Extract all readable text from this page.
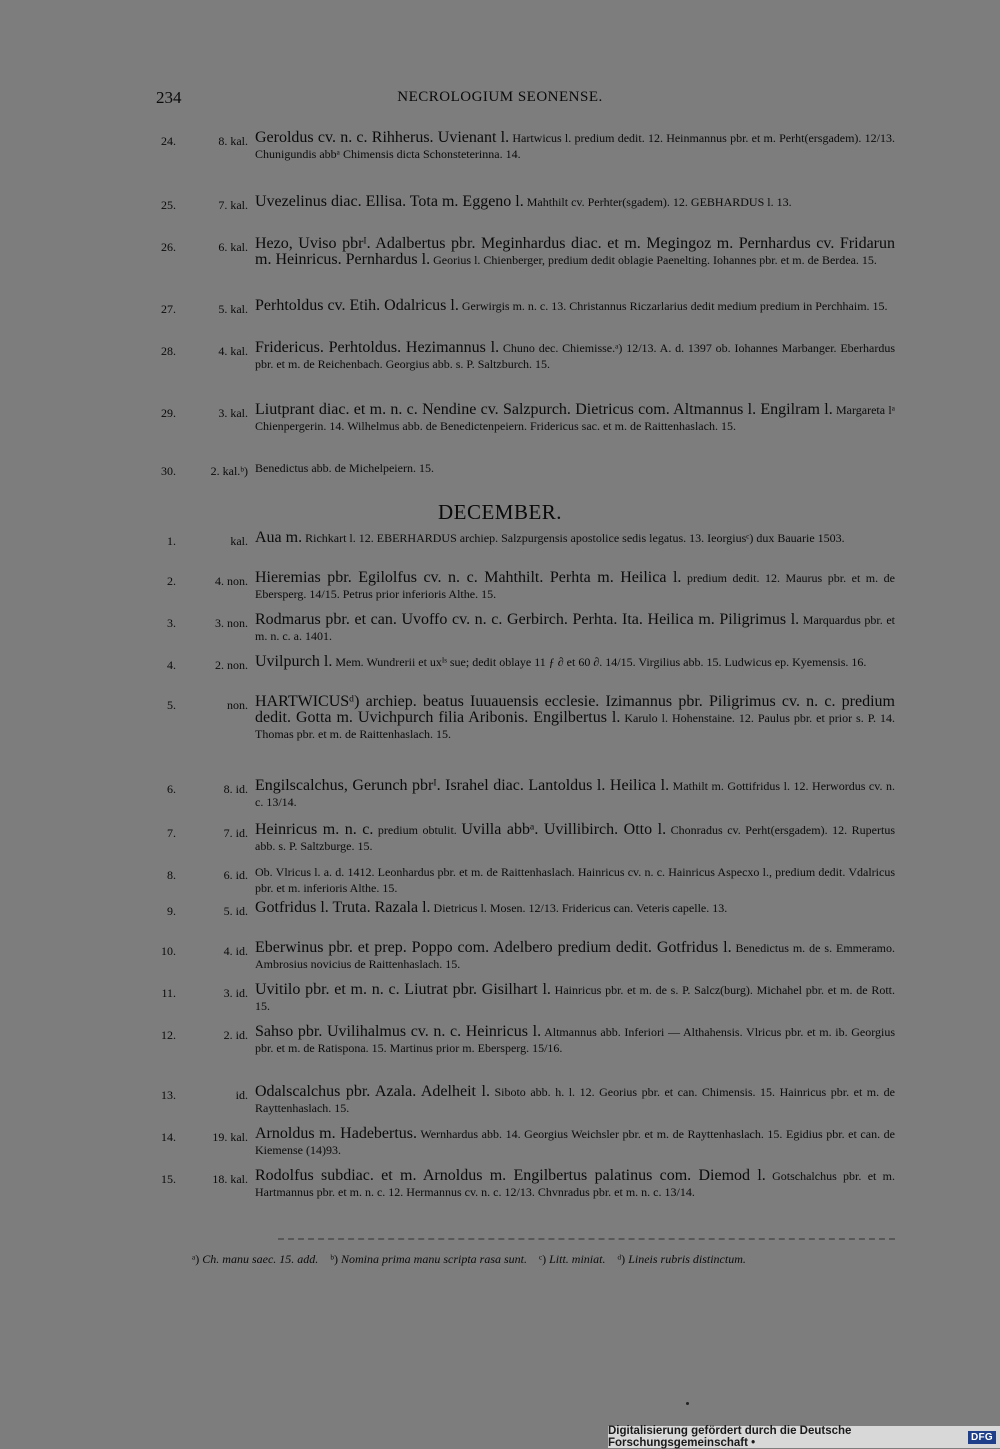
234	NECROLOGIUM SEONENSE.
24.	8. kal. Geroldus cv. n. c. Rihherus. Uvienant l. Hartwicus l. predium dedit. 12. Heinmannus pbr. et m. Perht(ersgadem). 12/13. Chunigundis abbᵃ Chimensis dicta Schonsteterinna. 14.
25.	7. kal. Uvezelinus diac. Ellisa. Tota m. Eggeno l. Mahthilt cv. Perhter(sgadem). 12. GEBHARDUS l. 13.
26.	6. kal. Hezo, Uviso pbrᴵ. Adalbertus pbr. Meginhardus diac. et m. Megingoz m. Pernhardus cv. Fridarun m. Heinricus. Pernhardus l. Georius l. Chienberger, predium dedit oblagie Paenelting. Iohannes pbr. et m. de Berdea. 15.
27.	5. kal. Perhtoldus cv. Etih. Odalricus l. Gerwirgis m. n. c. 13. Christannus Riczarlarius dedit medium predium in Perchhaim. 15.
28.	4. kal. Fridericus. Perhtoldus. Hezimannus l. Chunо dec. Chiemisse.ᵃ) 12/13. A. d. 1397 ob. Iohannes Marbanger. Eberhardus pbr. et m. de Reichenbach. Georgius abb. s. P. Saltzburch. 15.
29.	3. kal. Liutprant diac. et m. n. c. Nendine cv. Salzpurch. Dietricus com. Altmannus l. Engilram l. Margareta lᵃ Chienpergerin. 14. Wilhelmus abb. de Benedictenpeiern. Fridericus sac. et m. de Raittenhaslach. 15.
30.	2. kal.ᵇ) Benedictus abb. de Michelpeiern. 15.
DECEMBER.
1.	kal. Aua m. Richkart l. 12. EBERHARDUS archiep. Salzpurgensis apostolice sedis legatus. 13. Ieorgiusᶜ) dux Bauarie 1503.
2.	4. non. Hieremias pbr. Egilolfus cv. n. c. Mahthilt. Perhta m. Heilica l. predium dedit. 12. Maurus pbr. et m. de Ebersperg. 14/15. Petrus prior inferioris Althe. 15.
3.	3. non. Rodmarus pbr. et can. Uvoffo cv. n. c. Gerbirch. Perhta. Ita. Heilica m. Piligrimus l. Marquardus pbr. et m. n. c. a. 1401.
4.	2. non. Uvilpurch l. Mem. Wundrerii et uxᴵˢ sue; dedit oblaye 11 ƒ ∂ et 60 ∂. 14/15. Virgilius abb. 15. Ludwicus ep. Kyemensis. 16.
5.	non. HARTWICUSᵈ) archiep. beatus Iuuauensis ecclesie. Izimannus pbr. Piligrimus cv. n. c. predium dedit. Gotta m. Uvichpurch filia Aribonis. Engilbertus l. Karulo l. Hohenstaine. 12. Paulus pbr. et prior s. P. 14. Thomas pbr. et m. de Raittenhaslach. 15.
6.	8. id. Engilscalchus, Gerunch pbrᴵ. Israhel diac. Lantoldus l. Heilica l. Mathilt m. Gottifridus l. 12. Herwordus cv. n. c. 13/14.
7.	7. id. Heinricus m. n. c. predium obtulit. Uvilla abbᵃ. Uvillibirch. Otto l. Chonradus cv. Perht(ersgadem). 12. Rupertus abb. s. P. Saltzburge. 15.
8.	6. id. Ob. Vlricus l. a. d. 1412. Leonhardus pbr. et m. de Raittenhaslach. Hainricus cv. n. c. Hainricus Aspecxo l., predium dedit. Vdalricus pbr. et m. inferioris Althe. 15.
9.	5. id. Gotfridus l. Truta. Razala l. Dietricus l. Mosen. 12/13. Fridericus can. Veteris capelle. 13.
10.	4. id. Eberwinus pbr. et prep. Poppo com. Adelbero predium dedit. Gotfridus l. Benedictus m. de s. Emmeramo. Ambrosius novicius de Raittenhaslach. 15.
11.	3. id. Uvitilo pbr. et m. n. c. Liutrat pbr. Gisilhart l. Hainricus pbr. et m. de s. P. Salcz(burg). Michahel pbr. et m. de Rott. 15.
12.	2. id. Sahso pbr. Uvilihalmus cv. n. c. Heinricus l. Altmannus abb. Inferiori — Althahensis. Vlricus pbr. et m. ib. Georgius pbr. et m. de Ratispona. 15. Martinus prior m. Ebersperg. 15/16.
13.	id. Odalscalchus pbr. Azala. Adelheit l. Siboto abb. h. l. 12. Georius pbr. et can. Chimensis. 15. Hainricus pbr. et m. de Rayttenhaslach. 15.
14.	19. kal. Arnoldus m. Hadebertus. Wernhardus abb. 14. Georgius Weichsler pbr. et m. de Rayttenhaslach. 15. Egidius pbr. et can. de Kiemense (14)93.
15.	18. kal. Rodolfus subdiac. et m. Arnoldus m. Engilbertus palatinus com. Diemod l. Gotschalchus pbr. et m. Hartmannus pbr. et m. n. c. 12. Hermannus cv. n. c. 12/13. Chvnradus pbr. et m. n. c. 13/14.
ᵃ) Ch. manu saec. 15. add. ᵇ) Nomina prima manu scripta rasa sunt. ᶜ) Litt. miniat. ᵈ) Lineis rubris distinctum.
Digitalisierung gefördert durch die Deutsche Forschungsgemeinschaft •	DFG
